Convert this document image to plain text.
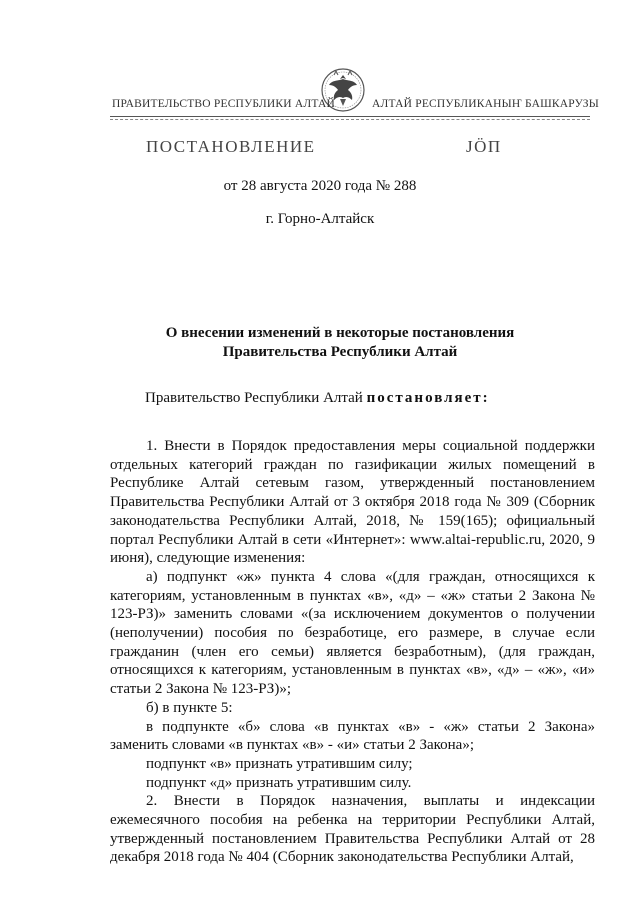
ПРАВИТЕЛЬСТВО РЕСПУБЛИКИ АЛТАЙ	АЛТАЙ РЕСПУБЛИКАНЫҤ БАШКАРУЗЫ
ПОСТАНОВЛЕНИЕ	JÖП
от 28 августа 2020 года № 288
г. Горно-Алтайск
О внесении изменений в некоторые постановления
Правительства Республики Алтай
Правительство Республики Алтай постановляет:

1. Внести в Порядок предоставления меры социальной поддержки отдельных категорий граждан по газификации жилых помещений в Республике Алтай сетевым газом, утвержденный постановлением Правительства Республики Алтай от 3 октября 2018 года № 309 (Сборник законодательства Республики Алтай, 2018, № 159(165); официальный портал Республики Алтай в сети «Интернет»: www.altai-republic.ru, 2020, 9 июня), следующие изменения:

а) подпункт «ж» пункта 4 слова «(для граждан, относящихся к категориям, установленным в пунктах «в», «д» – «ж» статьи 2 Закона № 123-РЗ)» заменить словами «(за исключением документов о получении (неполучении) пособия по безработице, его размере, в случае если гражданин (член его семьи) является безработным), (для граждан, относящихся к категориям, установленным в пунктах «в», «д» – «ж», «и» статьи 2 Закона № 123-РЗ)»;

б) в пункте 5:

в подпункте «б» слова «в пунктах «в» - «ж» статьи 2 Закона» заменить словами «в пунктах «в» - «и» статьи 2 Закона»;

подпункт «в» признать утратившим силу;

подпункт «д» признать утратившим силу.

2. Внести в Порядок назначения, выплаты и индексации ежемесячного пособия на ребенка на территории Республики Алтай, утвержденный постановлением Правительства Республики Алтай от 28 декабря 2018 года № 404 (Сборник законодательства Республики Алтай,
